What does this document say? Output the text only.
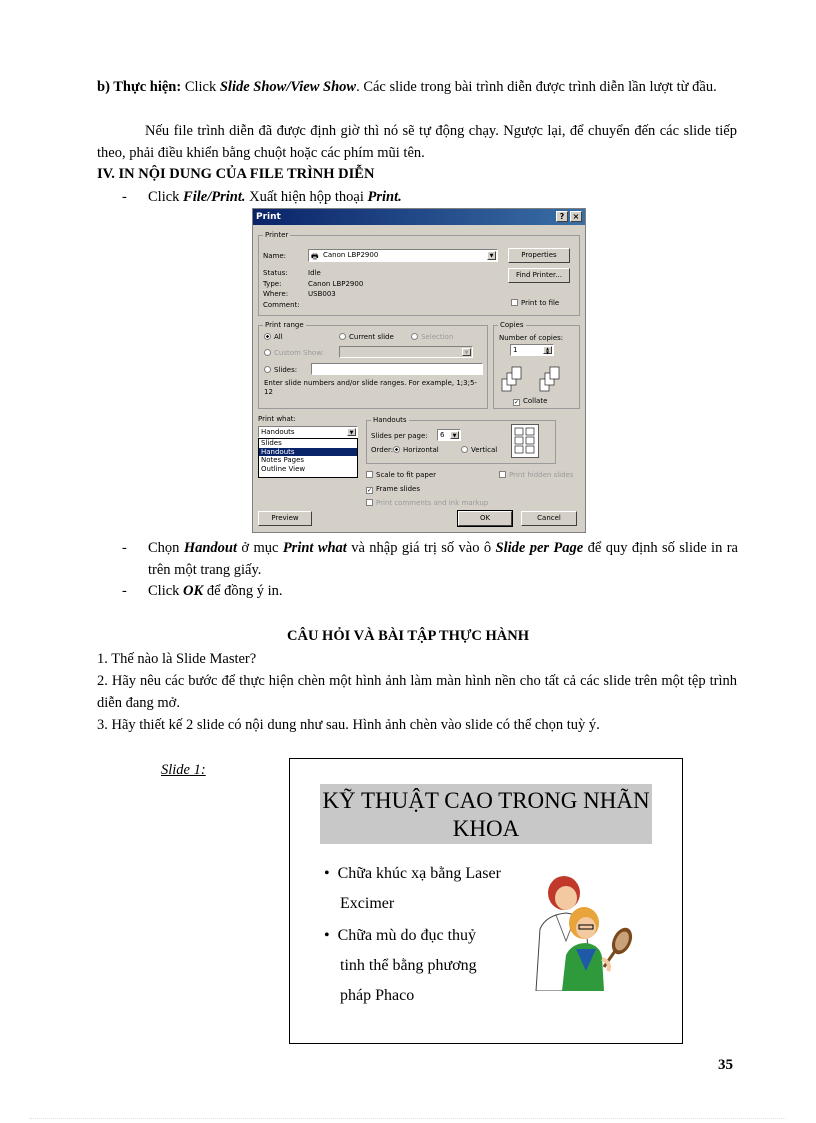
b) Thực hiện: Click Slide Show/View Show. Các slide trong bài trình diễn được trình diễn lần lượt từ đầu.
Nếu file trình diễn đã được định giờ thì nó sẽ tự động chạy. Ngược lại, để chuyển đến các slide tiếp theo, phải điều khiển bằng chuột hoặc các phím mũi tên.
IV. IN NỘI DUNG CỦA FILE TRÌNH DIỄN
- Click File/Print. Xuất hiện hộp thoại Print.
Print	?	×
Printer
Name:	🖶 Canon LBP2900	▼	Properties
Find Printer...
Status:
Type:
Where:
Comment:
Idle
Canon LBP2900
USB003
Print to file
Print range
All	Current slide	Selection
Custom Show:	▼
Slides:
Enter slide numbers and/or slide ranges. For example, 1;3;5-12
Copies
Number of copies:
1	▲
▼
✓ Collate
Print what:
Handouts	▼
Slides
Handouts
Notes Pages
Outline View
Handouts
Slides per page:	6	▼
Order:	Horizontal	Vertical
Scale to fit paper
✓ Frame slides
Print comments and ink markup
Print hidden slides
Preview	OK	Cancel
- Chọn Handout ở mục Print what và nhập giá trị số vào ô Slide per Page để quy định số slide in ra trên một trang giấy.
- Click OK để đồng ý in.
CÂU HỎI VÀ BÀI TẬP THỰC HÀNH
1. Thế nào là Slide Master?
2. Hãy nêu các bước để thực hiện chèn một hình ảnh làm màn hình nền cho tất cả các slide trên một tệp trình diễn đang mở.
3. Hãy thiết kế 2 slide có nội dung như sau. Hình ảnh chèn vào slide có thể chọn tuỳ ý.
Slide 1:
KỸ THUẬT CAO TRONG NHÃN KHOA
•  Chữa khúc xạ bằng Laser Excimer
•  Chữa mù do đục thuỷ tinh thể bằng phương pháp Phaco
35
